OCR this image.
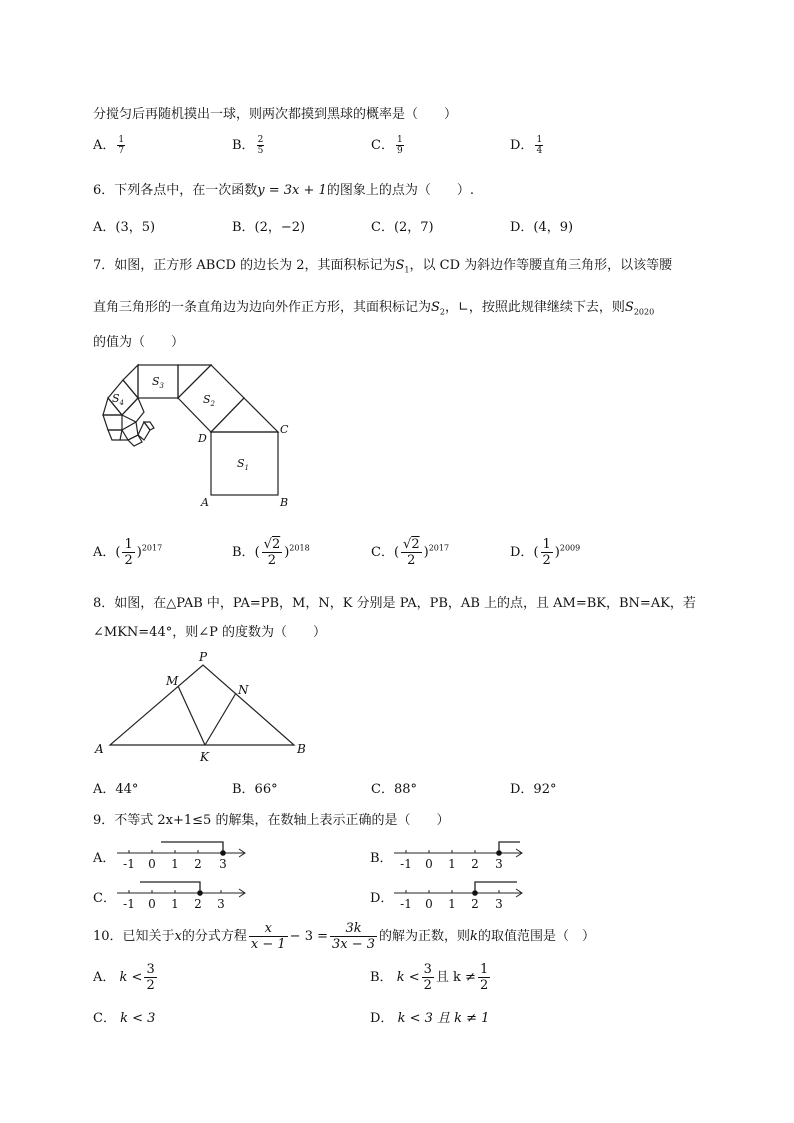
分搅匀后再随机摸出一球，则两次都摸到黑球的概率是（　　）
A． $\frac{1}{7}$	B． $\frac{2}{5}$	C． $\frac{1}{9}$	D． $\frac{1}{4}$
6．下列各点中，在一次函数y = 3x + 1的图象上的点为（　　）.
A．(3，5)	B．(2，−2)	C．(2，7)	D．(4，9)
7．如图，正方形 ABCD 的边长为 2，其面积标记为$S_1$，以 CD 为斜边作等腰直角三角形，以该等腰
直角三角形的一条直角边为边向外作正方形，其面积标记为$S_2$，∟，按照此规律继续下去，则$S_{2020}$
的值为（　　）
$S_1$
$S_2$
$S_3$
$S_4$
A	B
C
D
A．( $\frac{1}{2} )^{2017}$	B．( $\frac{√2}{2} )^{2018}$	C．( $\frac{√2}{2} )^{2017}$	D．( $\frac{1}{2} )^{2009}$
8．如图，在△PAB 中，PA=PB，M，N，K 分别是 PA，PB，AB 上的点，且 AM=BK，BN=AK，若
∠MKN=44°，则∠P 的度数为（　　）
P
M
N
A
K
B
A．44°	B．66°	C．88°	D．92°
9．不等式 2x+1≤5 的解集，在数轴上表示正确的是（　　）
A．	B．
C．	D．
-1 0 1 2 3	-1 0 1 2 3
-1 0 1 2 3	-1 0 1 2 3
10．已知关于x的分式方程 $\frac{x}{x - 1} - 3 = \frac{3k}{3x - 3}$ 的解为正数，则k的取值范围是（　）
A． $k < \frac{3}{2}$	B． $k < \frac{3}{2}$ 且 $k \ne \frac{1}{2}$
C． k < 3	D． k < 3 且 k ≠ 1
